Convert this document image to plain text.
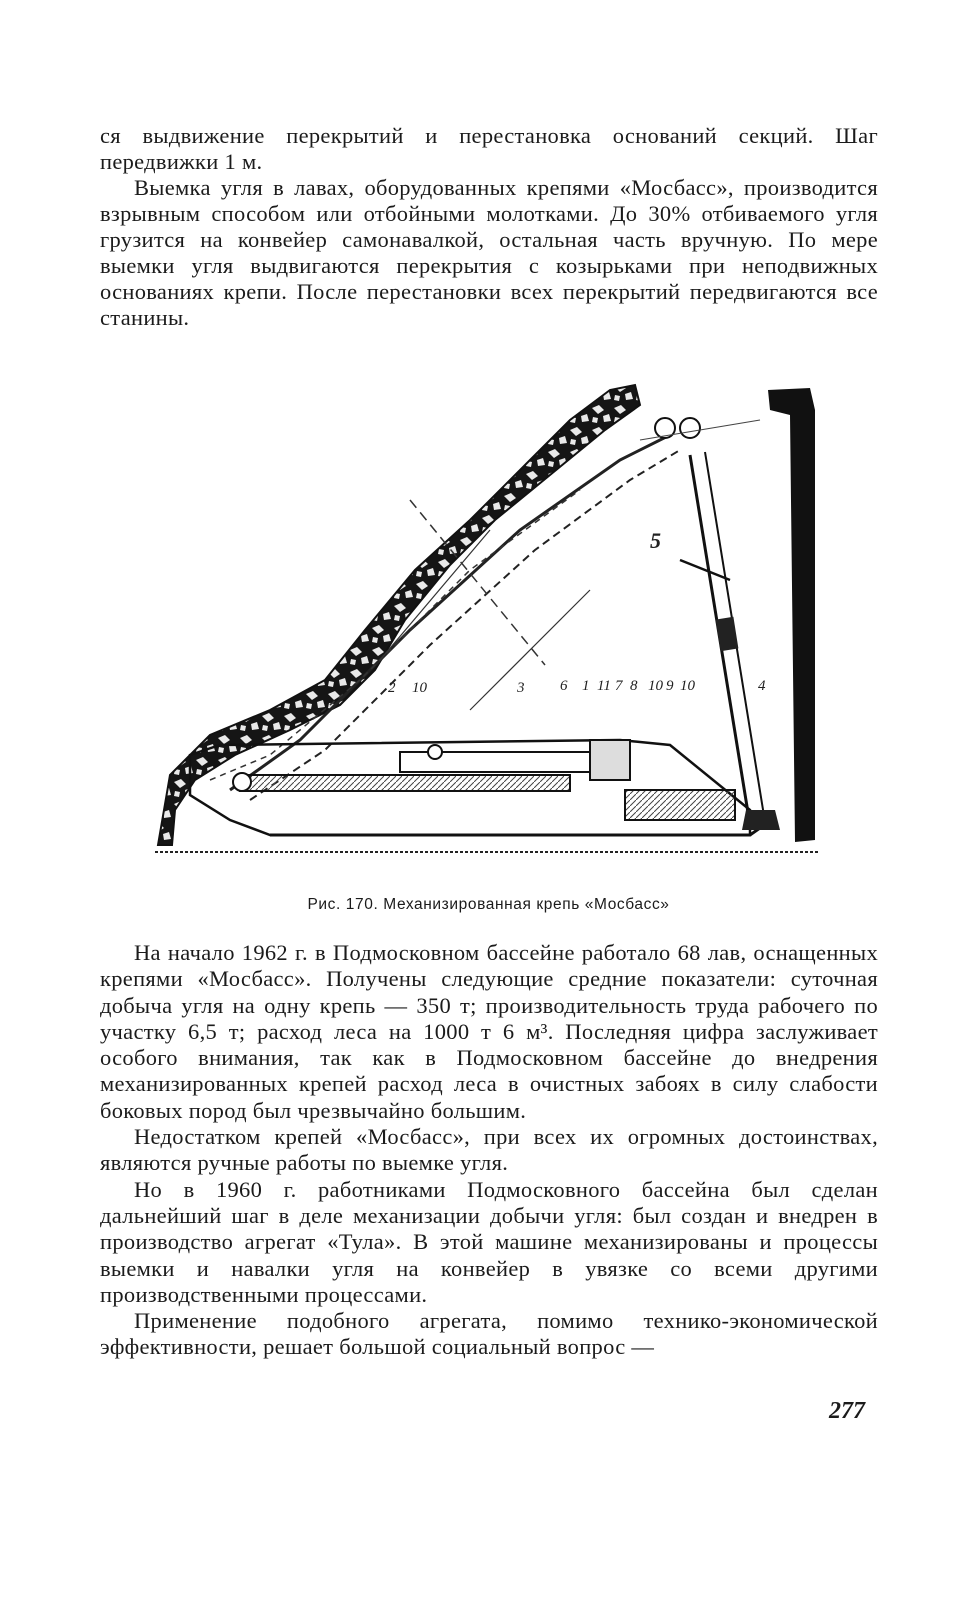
ся выдвижение перекрытий и перестановка оснований секций. Шаг передвижки 1 м.

Выемка угля в лавах, оборудованных крепями «Мосбасс», производится взрывным способом или отбойными молотками. До 30% отбиваемого угля грузится на конвейер самонавалкой, остальная часть вручную. По мере выемки угля выдвигаются перекрытия с козырьками при неподвижных основаниях крепи. После перестановки всех перекрытий передвигаются все станины.

2 10	3 6 1 11 7 8 10 9 10	4
5
Рис. 170. Механизированная крепь «Мосбасс»

На начало 1962 г. в Подмосковном бассейне работало 68 лав, оснащенных крепями «Мосбасс». Получены следующие средние показатели: суточная добыча угля на одну крепь — 350 т; производительность труда рабочего по участку 6,5 т; расход леса на 1000 т 6 м³. Последняя цифра заслуживает особого внимания, так как в Подмосковном бассейне до внедрения механизированных крепей расход леса в очистных забоях в силу слабости боковых пород был чрезвычайно большим.

Недостатком крепей «Мосбасс», при всех их огромных достоинствах, являются ручные работы по выемке угля.

Но в 1960 г. работниками Подмосковного бассейна был сделан дальнейший шаг в деле механизации добычи угля: был создан и внедрен в производство агрегат «Тула». В этой машине механизированы и процессы выемки и навалки угля на конвейер в увязке со всеми другими производственными процессами.

Применение подобного агрегата, помимо технико-экономической эффективности, решает большой социальный вопрос —

277
